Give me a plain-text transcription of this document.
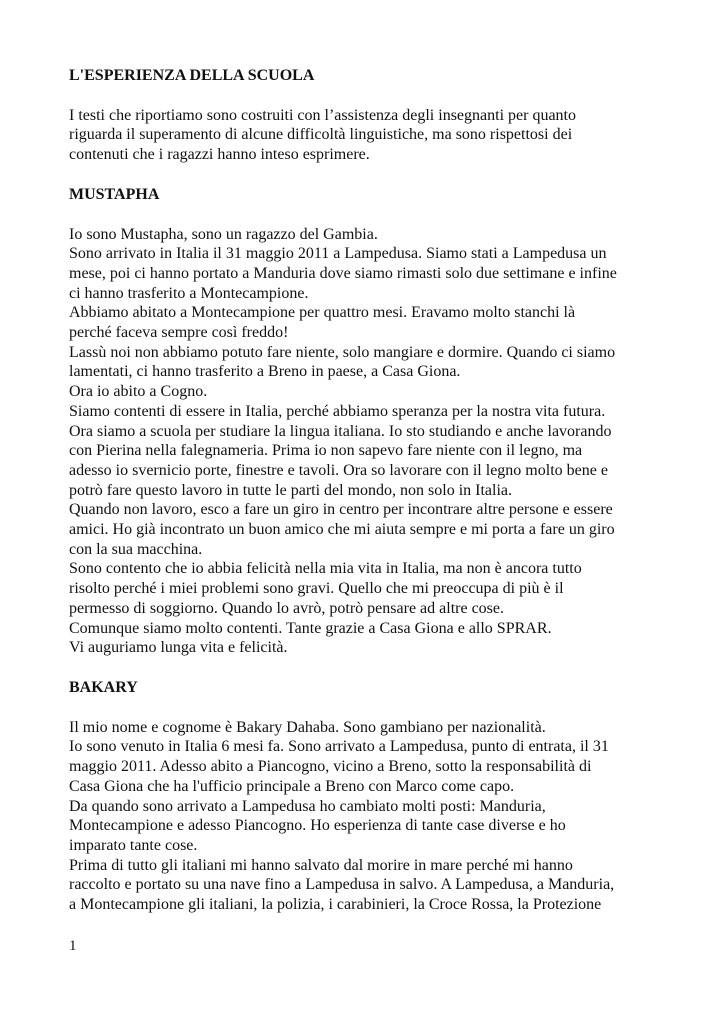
L'ESPERIENZA DELLA SCUOLA

I testi che riportiamo sono costruiti con l’assistenza degli insegnanti per quanto
riguarda il superamento di alcune difficoltà linguistiche, ma sono rispettosi dei
contenuti che i ragazzi hanno inteso esprimere.

MUSTAPHA

Io sono Mustapha, sono un ragazzo del Gambia.
Sono arrivato in Italia il 31 maggio 2011 a Lampedusa. Siamo stati a Lampedusa un
mese, poi ci hanno portato a Manduria dove siamo rimasti solo due settimane e infine
ci hanno trasferito a Montecampione.
Abbiamo abitato a Montecampione per quattro mesi. Eravamo molto stanchi là
perché faceva sempre così freddo!
Lassù noi non abbiamo potuto fare niente, solo mangiare e dormire. Quando ci siamo
lamentati, ci hanno trasferito a Breno in paese, a Casa Giona.
Ora io abito a Cogno.
Siamo contenti di essere in Italia, perché abbiamo speranza per la nostra vita futura.
Ora siamo a scuola per studiare la lingua italiana. Io sto studiando e anche lavorando
con Pierina nella falegnameria. Prima io non sapevo fare niente con il legno, ma
adesso io svernicio porte, finestre e tavoli. Ora so lavorare con il legno molto bene e
potrò fare questo lavoro in tutte le parti del mondo, non solo in Italia.
Quando non lavoro, esco a fare un giro in centro per incontrare altre persone e essere
amici. Ho già incontrato un buon amico che mi aiuta sempre e mi porta a fare un giro
con la sua macchina.
Sono contento che io abbia felicità nella mia vita in Italia, ma non è ancora tutto
risolto perché i miei problemi sono gravi. Quello che mi preoccupa di più è il
permesso di soggiorno. Quando lo avrò, potrò pensare ad altre cose.
Comunque siamo molto contenti. Tante grazie a Casa Giona e allo SPRAR.
Vi auguriamo lunga vita e felicità.

BAKARY

Il mio nome e cognome è Bakary Dahaba. Sono gambiano per nazionalità.
Io sono venuto in Italia 6 mesi fa. Sono arrivato a Lampedusa, punto di entrata, il 31
maggio 2011. Adesso abito a Piancogno, vicino a Breno, sotto la responsabilità di
Casa Giona che ha l'ufficio principale a Breno con Marco come capo.
Da quando sono arrivato a Lampedusa ho cambiato molti posti: Manduria,
Montecampione e adesso Piancogno. Ho esperienza di tante case diverse e ho
imparato tante cose.
Prima di tutto gli italiani mi hanno salvato dal morire in mare perché mi hanno
raccolto e portato su una nave fino a Lampedusa in salvo. A Lampedusa, a Manduria,
a Montecampione gli italiani, la polizia, i carabinieri, la Croce Rossa, la Protezione

1
